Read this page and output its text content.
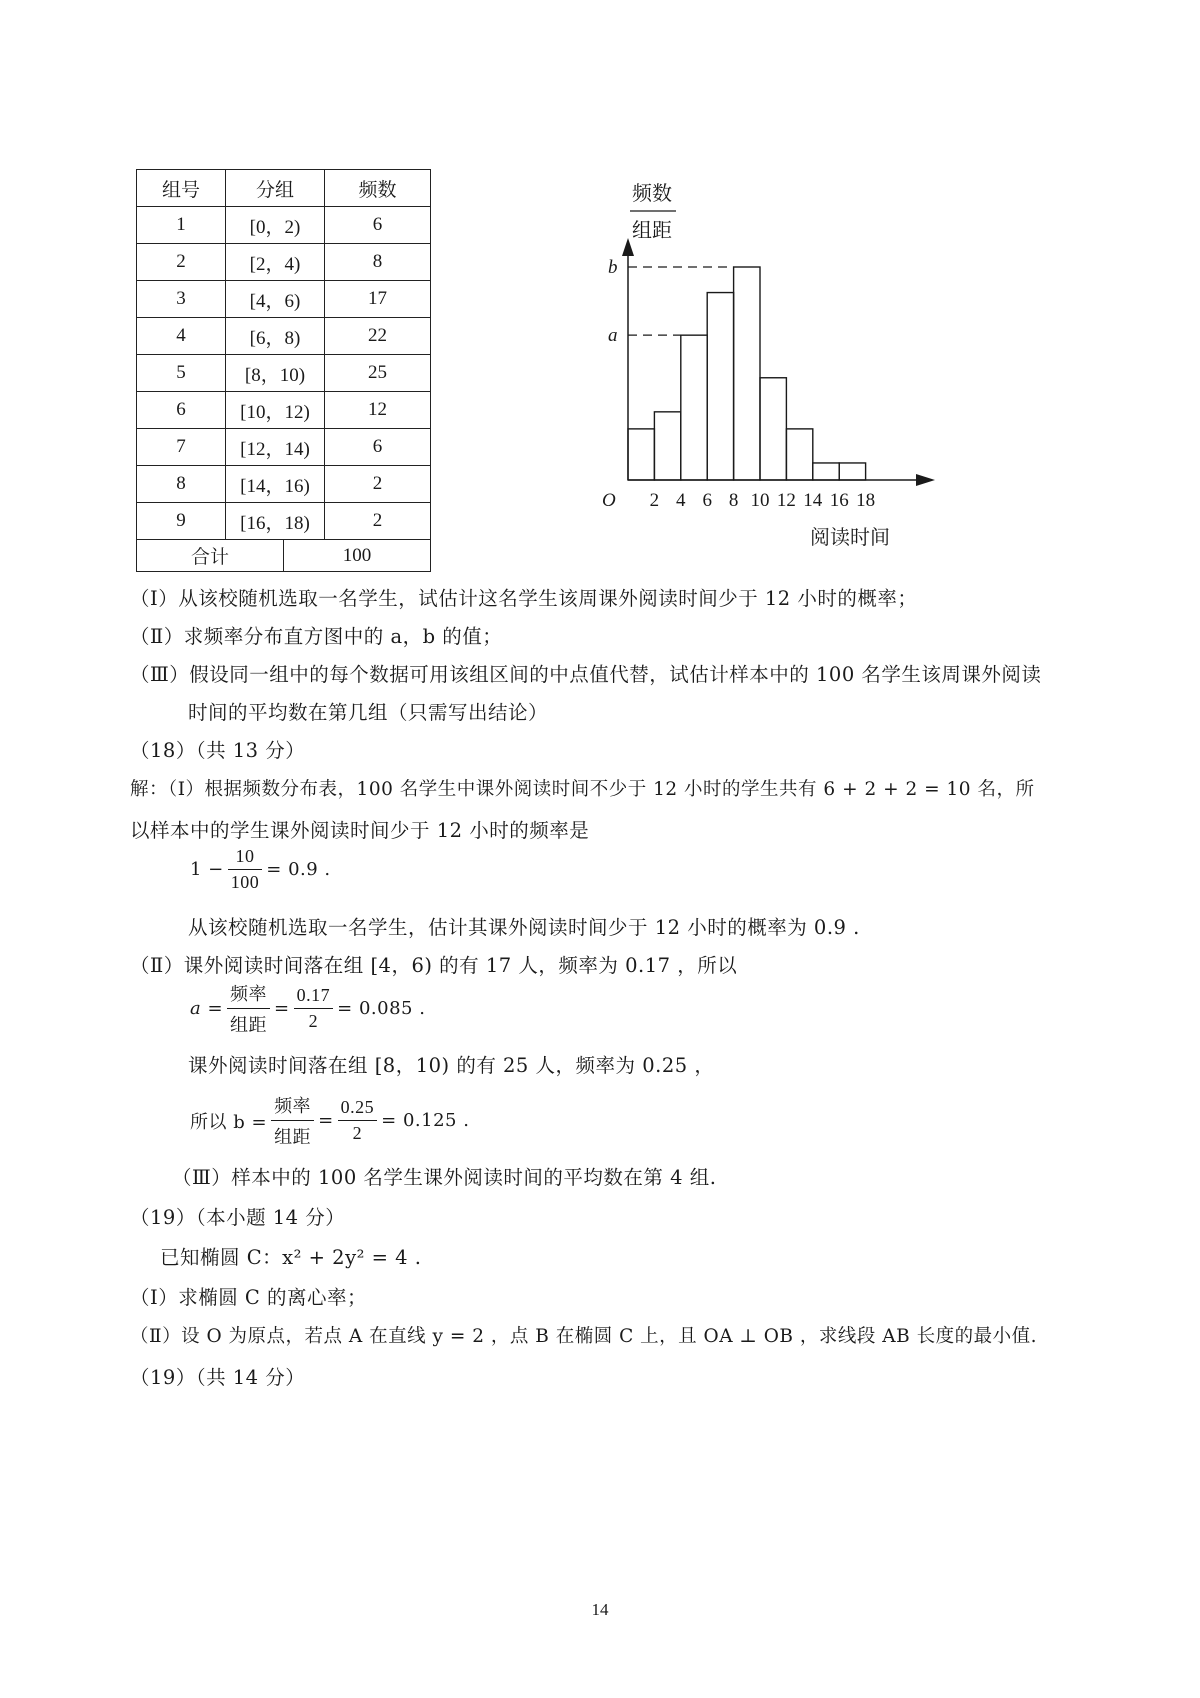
组号	分组	频数
1	[0，2)	6
2	[2，4)	8
3	[4，6)	17
4	[6，8)	22
5	[8，10)	25
6	[10，12)	12
7	[12，14)	6
8	[14，16)	2
9	[16，18)	2

合计 100		
频数
组距
b
a
O 2 4 6 8 10 12 14 16 18
阅读时间
（Ⅰ）从该校随机选取一名学生，试估计这名学生该周课外阅读时间少于 12 小时的概率；
（Ⅱ）求频率分布直方图中的 a，b 的值；
（Ⅲ）假设同一组中的每个数据可用该组区间的中点值代替，试估计样本中的 100 名学生该周课外阅读
时间的平均数在第几组（只需写出结论）
（18）（共 13 分）
解：（Ⅰ）根据频数分布表，100 名学生中课外阅读时间不少于 12 小时的学生共有 6 + 2 + 2 = 10 名，所
以样本中的学生课外阅读时间少于 12 小时的频率是
$1 - \frac{10}{100} = 0.9$ .
从该校随机选取一名学生，估计其课外阅读时间少于 12 小时的概率为 0.9 .
（Ⅱ）课外阅读时间落在组 [4，6) 的有 17 人，频率为 0.17 ，所以
$a = \frac{\text{频率}}{\text{组距}} = \frac{0.17}{2} = 0.085$ .
课外阅读时间落在组 [8，10) 的有 25 人，频率为 0.25 ，
所以 $b = \frac{\text{频率}}{\text{组距}} = \frac{0.25}{2} = 0.125$ .
（Ⅲ）样本中的 100 名学生课外阅读时间的平均数在第 4 组.
（19）（本小题 14 分）
已知椭圆 C：x² + 2y² = 4 .
（Ⅰ）求椭圆 C 的离心率；
（Ⅱ）设 O 为原点，若点 A 在直线 y = 2 ，点 B 在椭圆 C 上，且 OA ⊥ OB ，求线段 AB 长度的最小值.
（19）（共 14 分）
14
